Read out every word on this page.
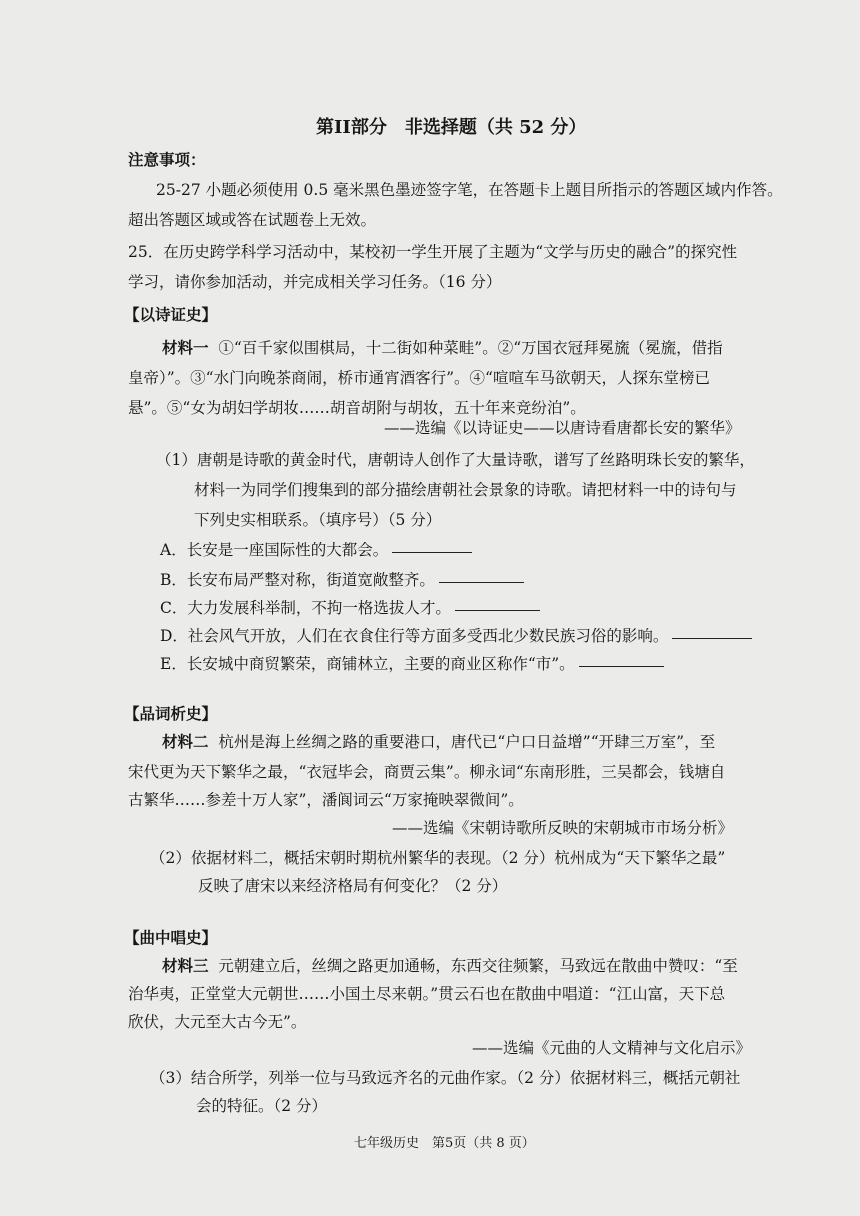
第II部分　非选择题（共 52 分）
注意事项：
25-27 小题必须使用 0.5 毫米黑色墨迹签字笔，在答题卡上题目所指示的答题区域内作答。
超出答题区域或答在试题卷上无效。
25．在历史跨学科学习活动中，某校初一学生开展了主题为“文学与历史的融合”的探究性
学习，请你参加活动，并完成相关学习任务。（16 分）
【以诗证史】
材料一 ①“百千家似围棋局，十二街如种菜畦”。②“万国衣冠拜冕旒（冕旒，借指
皇帝）”。③“水门向晚茶商闹，桥市通宵酒客行”。④“喧喧车马欲朝天，人探东堂榜已
悬”。⑤“女为胡妇学胡妆……胡音胡附与胡妆，五十年来竞纷泊”。
——选编《以诗证史——以唐诗看唐都长安的繁华》
（1）唐朝是诗歌的黄金时代，唐朝诗人创作了大量诗歌，谱写了丝路明珠长安的繁华，
材料一为同学们搜集到的部分描绘唐朝社会景象的诗歌。请把材料一中的诗句与
下列史实相联系。（填序号）（5 分）
A．长安是一座国际性的大都会。
B．长安布局严整对称，街道宽敞整齐。
C．大力发展科举制，不拘一格选拔人才。
D．社会风气开放，人们在衣食住行等方面多受西北少数民族习俗的影响。
E．长安城中商贸繁荣，商铺林立，主要的商业区称作“市”。
【品词析史】
材料二 杭州是海上丝绸之路的重要港口，唐代已“户口日益增”“开肆三万室”，至
宋代更为天下繁华之最，“衣冠毕会，商贾云集”。柳永词“东南形胜，三吴都会，钱塘自
古繁华……参差十万人家”，潘阆词云“万家掩映翠微间”。
——选编《宋朝诗歌所反映的宋朝城市市场分析》
（2）依据材料二，概括宋朝时期杭州繁华的表现。（2 分）杭州成为“天下繁华之最”
反映了唐宋以来经济格局有何变化？（2 分）
【曲中唱史】
材料三 元朝建立后，丝绸之路更加通畅，东西交往频繁，马致远在散曲中赞叹：“至
治华夷，正堂堂大元朝世……小国土尽来朝。”贯云石也在散曲中唱道：“江山富，天下总
欣伏，大元至大古今无”。
——选编《元曲的人文精神与文化启示》
（3）结合所学，列举一位与马致远齐名的元曲作家。（2 分）依据材料三，概括元朝社
会的特征。（2 分）
七年级历史　第5页（共 8 页）
